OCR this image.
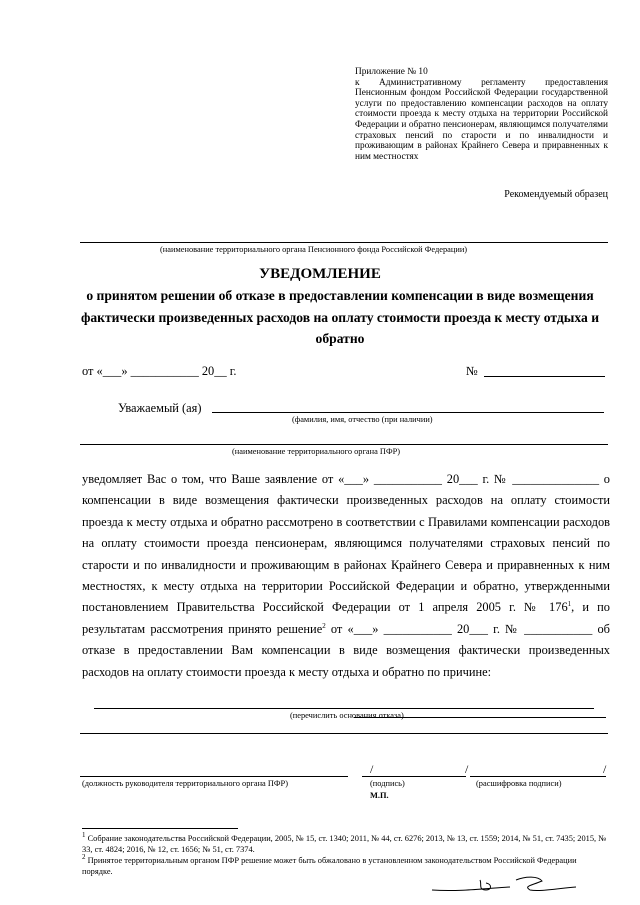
Приложение № 10
к Административному регламенту предоставления Пенсионным фондом Российской Федерации государственной услуги по предоставлению компенсации расходов на оплату стоимости проезда к месту отдыха на территории Российской Федерации и обратно пенсионерам, являющимся получателями страховых пенсий по старости и по инвалидности и проживающим в районах Крайнего Севера и приравненных к ним местностях
Рекомендуемый образец
(наименование территориального органа Пенсионного фонда Российской Федерации)
УВЕДОМЛЕНИЕ
о принятом решении об отказе в предоставлении компенсации в виде возмещения фактически произведенных расходов на оплату стоимости проезда к месту отдыха и обратно
от «___» ___________ 20__ г.	№
Уважаемый (ая)
(фамилия, имя, отчество (при наличии)
(наименование территориального органа ПФР)
уведомляет Вас о том, что Ваше заявление от «___» ___________ 20___ г. № ______________ о компенсации в виде возмещения фактически произведенных расходов на оплату стоимости проезда к месту отдыха и обратно рассмотрено в соответствии с Правилами компенсации расходов на оплату стоимости проезда пенсионерам, являющимся получателями страховых пенсий по старости и по инвалидности и проживающим в районах Крайнего Севера и приравненных к ним местностях, к месту отдыха на территории Российской Федерации и обратно, утвержденными постановлением Правительства Российской Федерации от 1 апреля 2005 г. № $176^1$, и по результатам рассмотрения принято решение$^2$ от «___» ___________ 20___ г. № ___________ об отказе в предоставлении Вам компенсации в виде возмещения фактически произведенных расходов на оплату стоимости проезда к месту отдыха и обратно по причине:
(перечислить основания отказа)
/	/	/
(должность руководителя территориального органа ПФР)	(подпись)	(расшифровка подписи)
М.П.
$^1$ Собрание законодательства Российской Федерации, 2005, № 15, ст. 1340; 2011, № 44, ст. 6276; 2013, № 13, ст. 1559; 2014, № 51, ст. 7435; 2015, № 33, ст. 4824; 2016, № 12, ст. 1656; № 51, ст. 7374.
$^2$ Принятое территориальным органом ПФР решение может быть обжаловано в установленном законодательством Российской Федерации порядке.
